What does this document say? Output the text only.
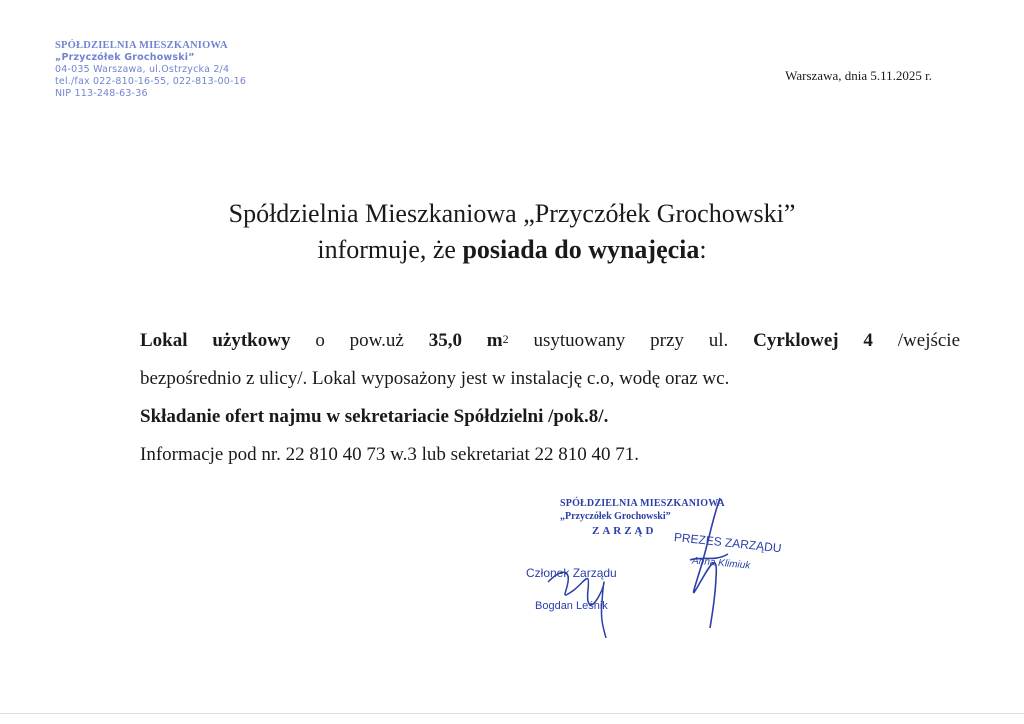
SPÓŁDZIELNIA MIESZKANIOWA
„Przyczółek Grochowski”
04-035 Warszawa, ul.Ostrzycka 2/4
tel./fax 022-810-16-55, 022-813-00-16
NIP 113-248-63-36
Warszawa, dnia 5.11.2025 r.
Spółdzielnia Mieszkaniowa „Przyczółek Grochowski”
informuje, że posiada do wynajęcia:
Lokal użytkowy o pow.uż 35,0 $m^2$ usytuowany przy ul. Cyrklowej 4 /wejście
bezpośrednio z ulicy/. Lokal wyposażony jest w instalację c.o, wodę oraz wc.
Składanie ofert najmu w sekretariacie Spółdzielni /pok.8/.
Informacje pod nr. 22 810 40 73 w.3 lub sekretariat 22 810 40 71.
SPÓŁDZIELNIA MIESZKANIOWA
„Przyczółek Grochowski”
ZARZĄD	PREZES ZARZĄDU
Anna Klimiuk
Członek Zarządu
Bogdan Leśnik
